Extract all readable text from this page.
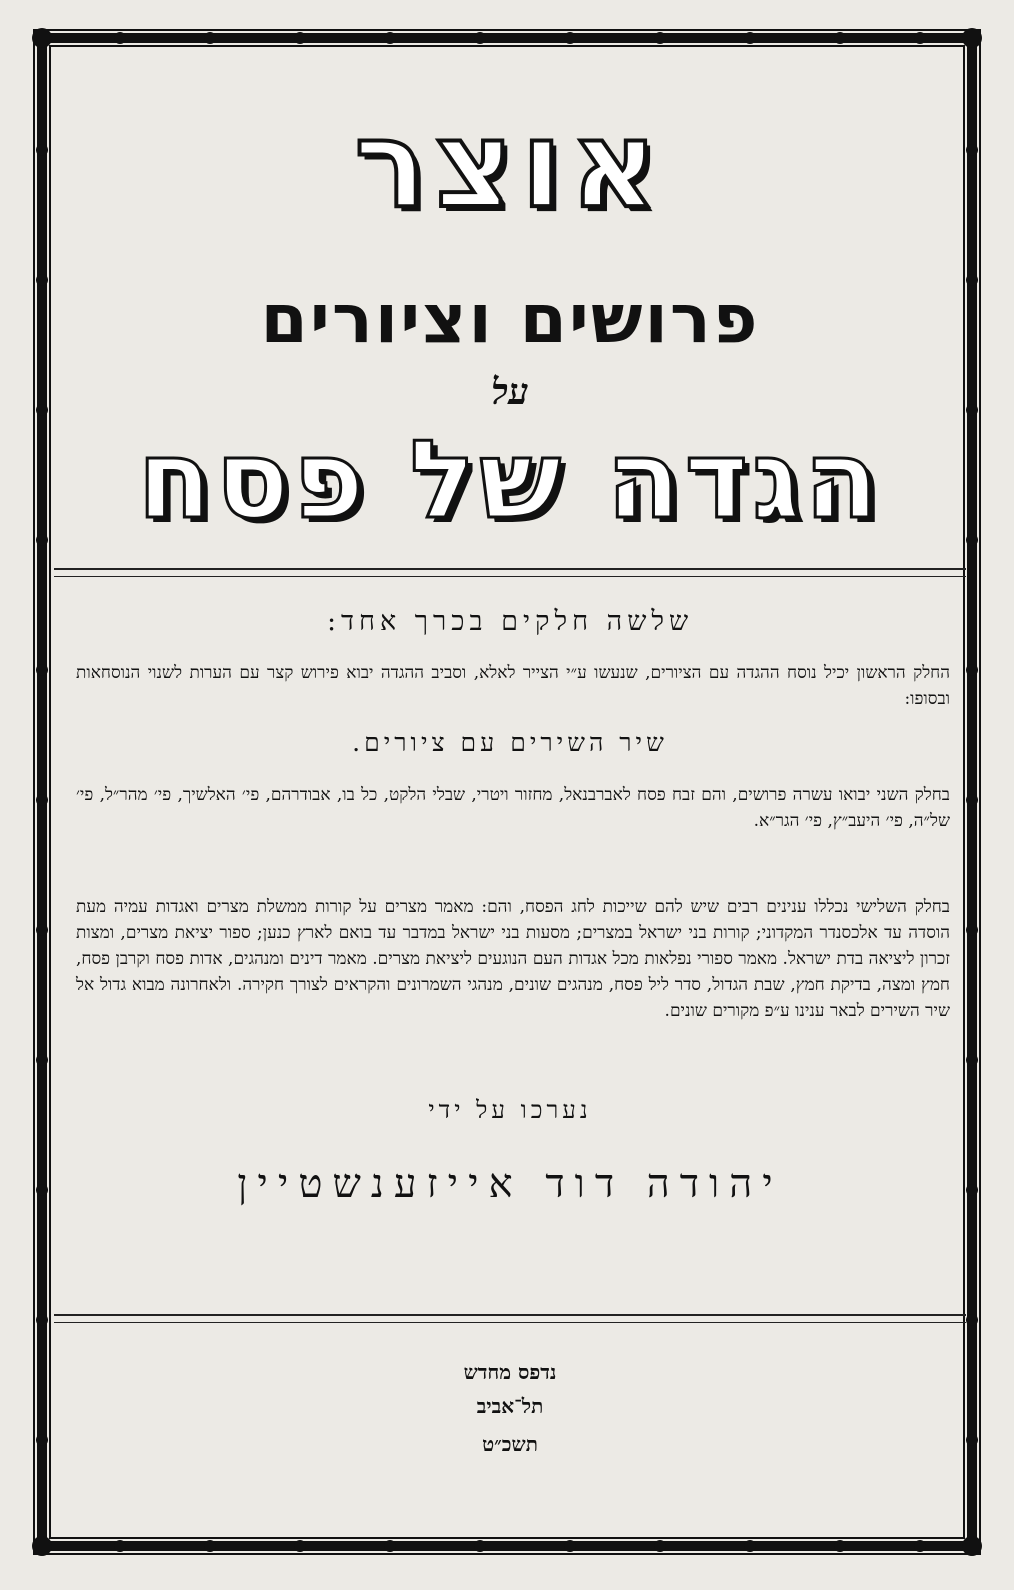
אוצר
פרושים וציורים
על
הגדה של פסח
שלשה חלקים בכרך אחד:
החלק הראשון יכיל נוסח ההגדה עם הציורים, שנעשו ע״י הצייר לאלא, וסביב ההגדה יבוא פירוש קצר עם הערות לשנוי הנוסחאות ובסופו:
שיר השירים עם ציורים.
בחלק השני יבואו עשרה פרושים, והם זבח פסח לאברבנאל, מחזור ויטרי, שבלי הלקט, כל בו, אבודרהם, פי׳ האלשיך, פי׳ מהר״ל, פי׳ של״ה, פי׳ היעב״ץ, פי׳ הגר״א.
בחלק השלישי נכללו ענינים רבים שיש להם שייכות לחג הפסח, והם: מאמר מצרים על קורות ממשלת מצרים ואגדות עמיה מעת הוסדה עד אלכסנדר המקדוני; קורות בני ישראל במצרים; מסעות בני ישראל במדבר עד בואם לארץ כנען; ספור יציאת מצרים, ומצות זכרון ליציאה בדת ישראל. מאמר ספורי נפלאות מכל אגדות העם הנוגעים ליציאת מצרים. מאמר דינים ומנהגים, אדות פסח וקרבן פסח, חמץ ומצה, בדיקת חמץ, שבת הגדול, סדר ליל פסח, מנהגים שונים, מנהגי השמרונים והקראים לצורך חקירה. ולאחרונה מבוא גדול אל שיר השירים לבאר ענינו ע״פ מקורים שונים.
נערכו על ידי
יהודה דוד אייזענשטיין
נדפס מחדש
תל־אביב
תשכ״ט
